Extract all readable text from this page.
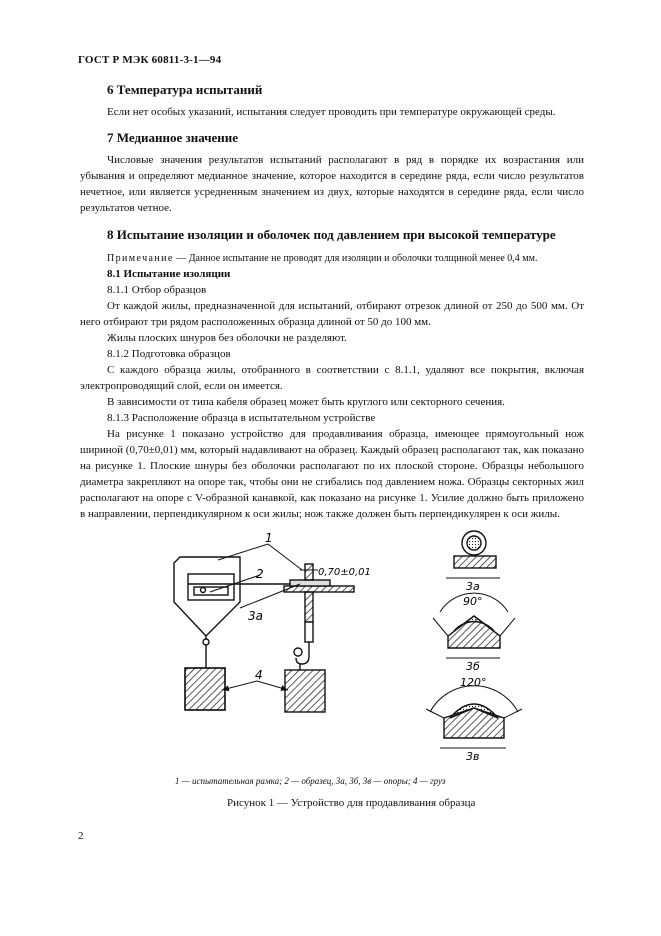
ГОСТ Р МЭК 60811-3-1—94
6 Температура испытаний

Если нет особых указаний, испытания следует проводить при температуре окружающей среды.

7 Медианное значение

Числовые значения результатов испытаний располагают в ряд в порядке их возрастания или убывания и определяют медианное значение, которое находится в середине ряда, если число результатов нечетное, или является усредненным значением из двух, которые находятся в середине ряда, если число результатов четное.

8 Испытание изоляции и оболочек под давлением при высокой температуре

Примечание — Данное испытание не проводят для изоляции и оболочки толщиной менее 0,4 мм.

8.1 Испытание изоляции

8.1.1 Отбор образцов

От каждой жилы, предназначенной для испытаний, отбирают отрезок длиной от 250 до 500 мм. От него отбирают три рядом расположенных образца длиной от 50 до 100 мм.

Жилы плоских шнуров без оболочки не разделяют.

8.1.2 Подготовка образцов

С каждого образца жилы, отобранного в соответствии с 8.1.1, удаляют все покрытия, включая электропроводящий слой, если он имеется.

В зависимости от типа кабеля образец может быть круглого или секторного сечения.

8.1.3 Расположение образца в испытательном устройстве

На рисунке 1 показано устройство для продавливания образца, имеющее прямоугольный нож шириной (0,70±0,01) мм, который надавливают на образец. Каждый образец располагают так, как показано на рисунке 1. Плоские шнуры без оболочки располагают по их плоской стороне. Образцы небольшого диаметра закрепляют на опоре так, чтобы они не сгибались под давлением ножа. Образцы секторных жил располагают на опоре с V-образной канавкой, как показано на рисунке 1. Усилие должно быть приложено в направлении, перпендикулярном к оси жилы; нож также должен быть перпендикулярен к оси жилы.

1
2
3а
4
0,70±0,01
90°
120°
3а
3б
3в
1 — испытательная рамка; 2 — образец, 3а, 3б, 3в — опоры; 4 — груз
Рисунок 1 — Устройство для продавливания образца
2
